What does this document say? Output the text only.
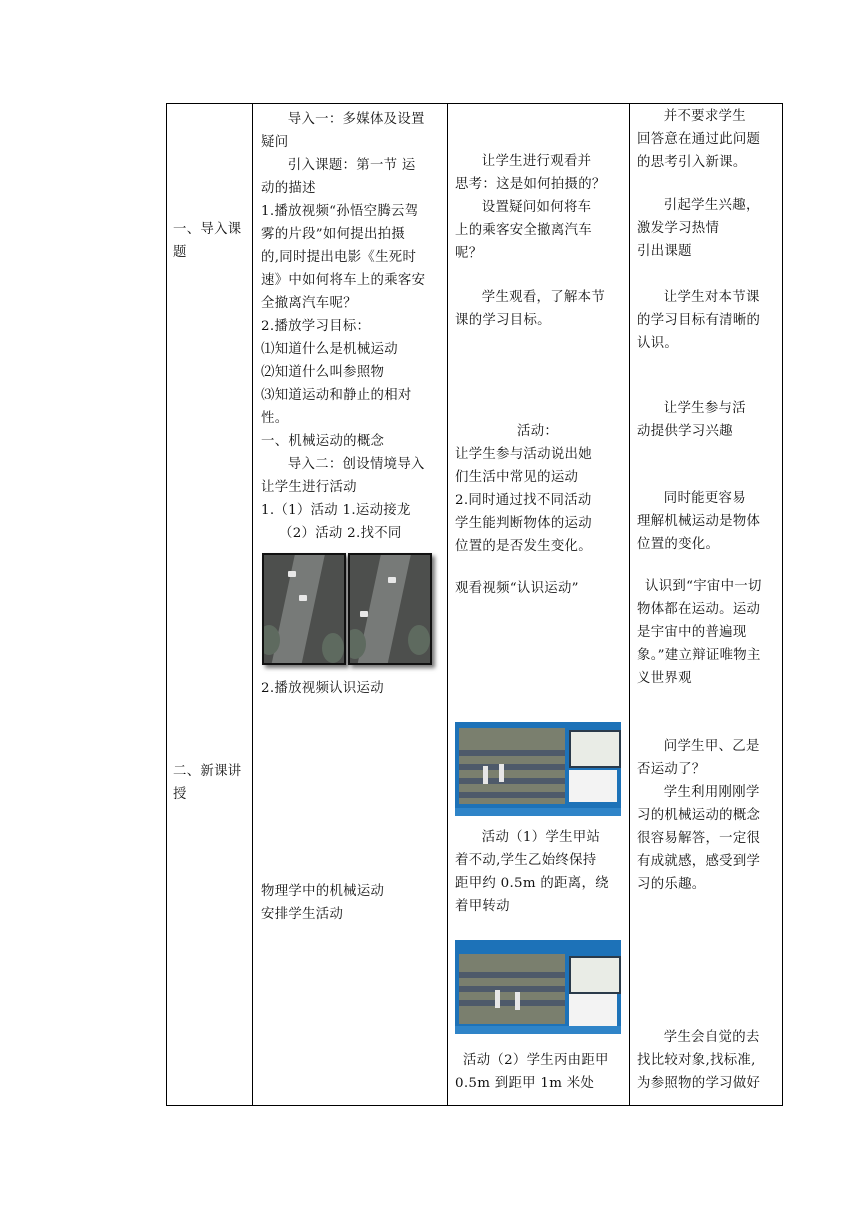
一、导入课题
二、新课讲授

导入一：多媒体及设置

疑问

引入课题：第一节 运

动的描述

1.播放视频“孙悟空腾云驾

雾的片段”如何提出拍摄

的,同时提出电影《生死时

速》中如何将车上的乘客安

全撤离汽车呢？

2.播放学习目标：

⑴知道什么是机械运动

⑵知道什么叫参照物

⑶知道运动和静止的相对

性。

一、机械运动的概念

导入二：创设情境导入

让学生进行活动

1.（1）活动 1.运动接龙

（2）活动 2.找不同

2.播放视频认识运动

物理学中的机械运动

安排学生活动

让学生进行观看并

思考：这是如何拍摄的？

设置疑问如何将车

上的乘客安全撤离汽车

呢？

学生观看，了解本节

课的学习目标。

活动：

让学生参与活动说出她

们生活中常见的运动

2.同时通过找不同活动

学生能判断物体的运动

位置的是否发生变化。

观看视频“认识运动”

活动（1）学生甲站

着不动,学生乙始终保持

距甲约 0.5m 的距离，绕

着甲转动

活动（2）学生丙由距甲

0.5m 到距甲 1m 米处

并不要求学生

回答意在通过此问题

的思考引入新课。

引起学生兴趣，

激发学习热情

引出课题

让学生对本节课

的学习目标有清晰的

认识。

让学生参与活

动提供学习兴趣

同时能更容易

理解机械运动是物体

位置的变化。

认识到“宇宙中一切

物体都在运动。运动

是宇宙中的普遍现

象。”建立辩证唯物主

义世界观

问学生甲、乙是

否运动了？

学生利用刚刚学

习的机械运动的概念

很容易解答，一定很

有成就感，感受到学

习的乐趣。

学生会自觉的去

找比较对象,找标准,

为参照物的学习做好
